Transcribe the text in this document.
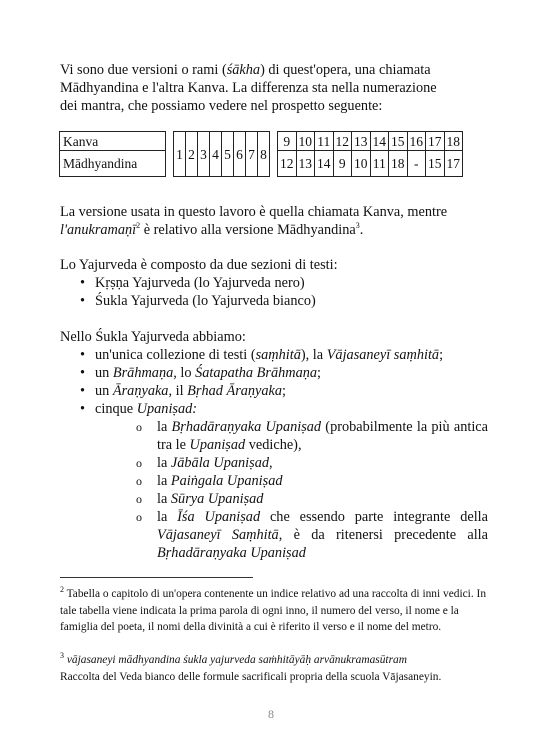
Vi sono due versioni o rami (śākha) di quest'opera, una chiamata
Mādhyandina e l'altra Kanva. La differenza sta nella numerazione
dei mantra, che possiamo vedere nel prospetto seguente:

Kanva		1	2	3	4	5	6	7	8		9	10	11	12	13	14	15	16	17	18
Mādhyandina											12	13	14	9	10	11	18	-	15	17

La versione usata in questo lavoro è quella chiamata Kanva, mentre
l'anukramaṇī$^2$ è relativo alla versione Mādhyandina$^3$.

Lo Yajurveda è composto da due sezioni di testi:

• Kṛṣṇa Yajurveda (lo Yajurveda nero)
• Śukla Yajurveda (lo Yajurveda bianco)

Nello Śukla Yajurveda abbiamo:

• un'unica collezione di testi (saṃhitā), la Vājasaneyī saṃhitā;
• un Brāhmaṇa, lo Śatapatha Brāhmaṇa;
• un Āraṇyaka, il Bṛhad Āraṇyaka;
• cinque Upaniṣad:
o la Bṛhadāraṇyaka Upaniṣad (probabilmente la più antica tra le Upaniṣad vediche),
o la Jābāla Upaniṣad,
o la Paiṅgala Upaniṣad
o la Sūrya Upaniṣad
o la Īśa Upaniṣad che essendo parte integrante della Vājasaneyī Saṃhitā, è da ritenersi precedente alla Bṛhadāraṇyaka Upaniṣad

$^2$ Tabella o capitolo di un'opera contenente un indice relativo ad una raccolta di inni vedici. In tale tabella viene indicata la prima parola di ogni inno, il numero del verso, il nome e la famiglia del poeta, il nomi della divinità a cui è riferito il verso e il nome del metro.

$^3$ vājasaneyi mādhyandina śukla yajurveda saṁhitāyāḥ arvānukramasūtram
Raccolta del Veda bianco delle formule sacrificali propria della scuola Vājasaneyin.

8
